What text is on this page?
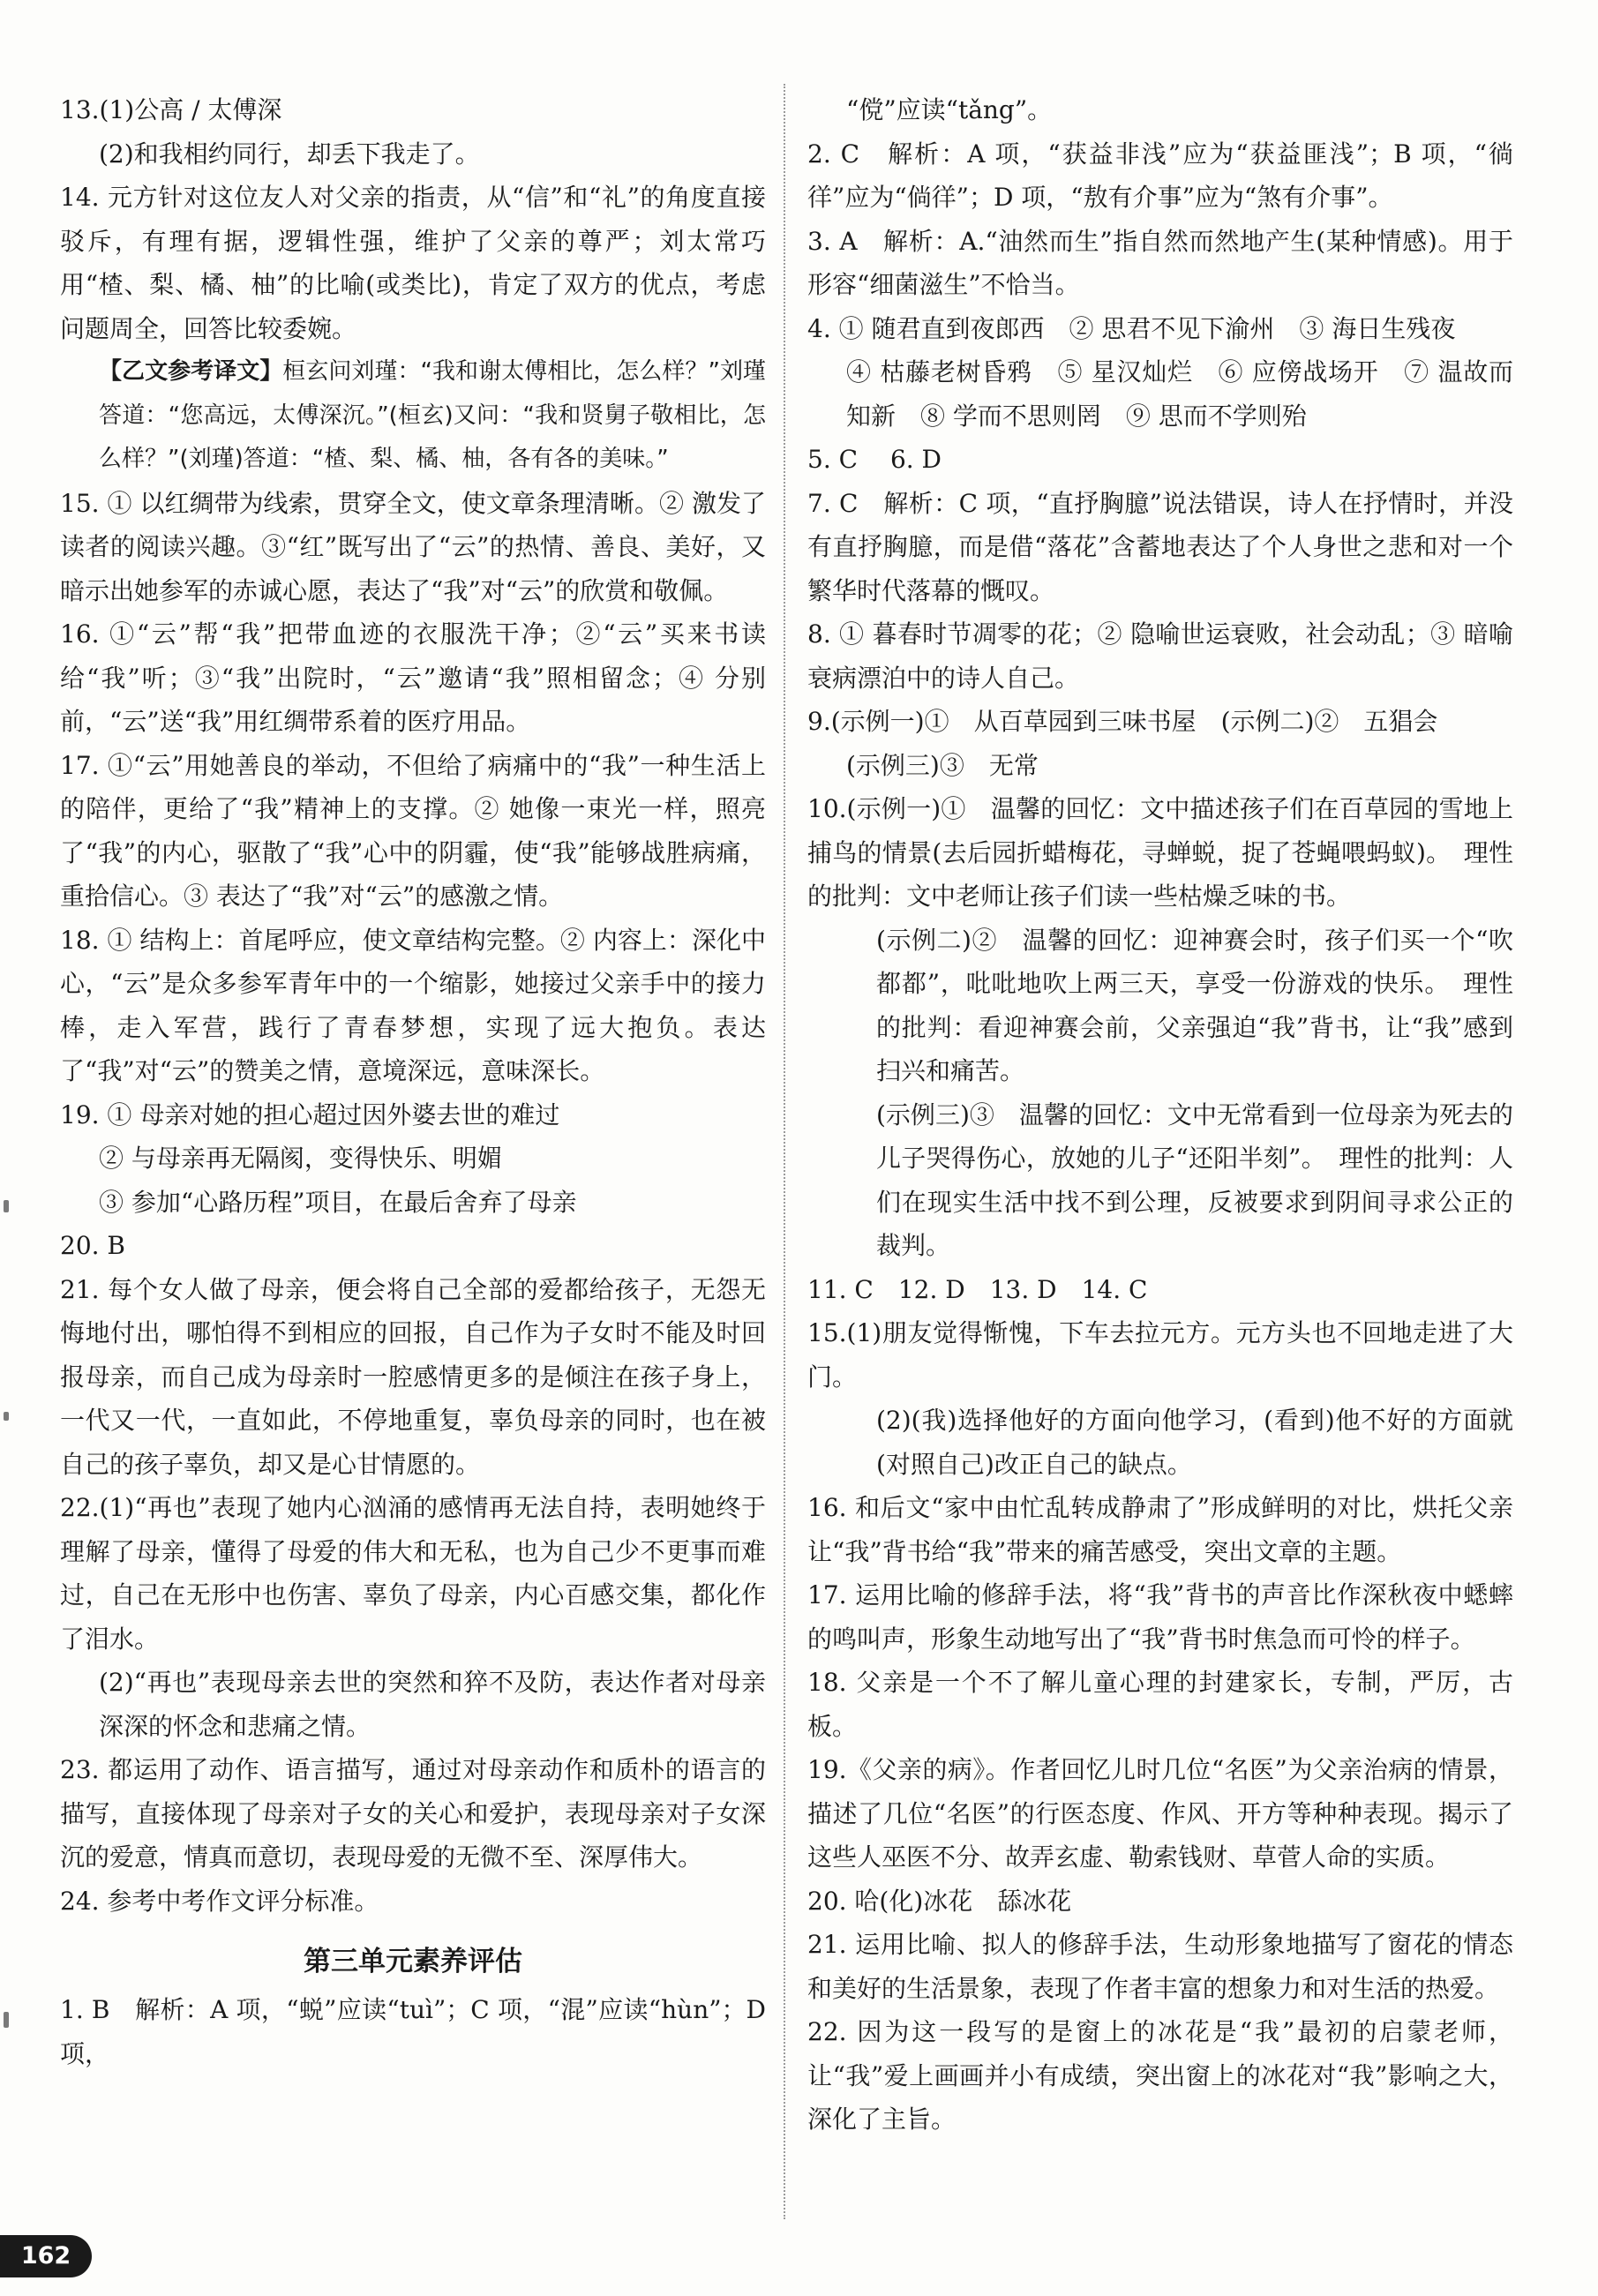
13.(1)公高 / 太傅深

(2)和我相约同行，却丢下我走了。

14. 元方针对这位友人对父亲的指责，从“信”和“礼”的角度直接驳斥，有理有据，逻辑性强，维护了父亲的尊严；刘太常巧用“楂、梨、橘、柚”的比喻(或类比)，肯定了双方的优点，考虑问题周全，回答比较委婉。

【乙文参考译文】桓玄问刘瑾：“我和谢太傅相比，怎么样？”刘瑾答道：“您高远，太傅深沉。”(桓玄)又问：“我和贤舅子敬相比，怎么样？”(刘瑾)答道：“楂、梨、橘、柚，各有各的美味。”

15. ① 以红绸带为线索，贯穿全文，使文章条理清晰。② 激发了读者的阅读兴趣。③“红”既写出了“云”的热情、善良、美好，又暗示出她参军的赤诚心愿，表达了“我”对“云”的欣赏和敬佩。

16. ①“云”帮“我”把带血迹的衣服洗干净；②“云”买来书读给“我”听；③“我”出院时，“云”邀请“我”照相留念；④ 分别前，“云”送“我”用红绸带系着的医疗用品。

17. ①“云”用她善良的举动，不但给了病痛中的“我”一种生活上的陪伴，更给了“我”精神上的支撑。② 她像一束光一样，照亮了“我”的内心，驱散了“我”心中的阴霾，使“我”能够战胜病痛，重拾信心。③ 表达了“我”对“云”的感激之情。

18. ① 结构上：首尾呼应，使文章结构完整。② 内容上：深化中心，“云”是众多参军青年中的一个缩影，她接过父亲手中的接力棒，走入军营，践行了青春梦想，实现了远大抱负。表达了“我”对“云”的赞美之情，意境深远，意味深长。

19. ① 母亲对她的担心超过因外婆去世的难过

② 与母亲再无隔阂，变得快乐、明媚

③ 参加“心路历程”项目，在最后舍弃了母亲

20. B

21. 每个女人做了母亲，便会将自己全部的爱都给孩子，无怨无悔地付出，哪怕得不到相应的回报，自己作为子女时不能及时回报母亲，而自己成为母亲时一腔感情更多的是倾注在孩子身上，一代又一代，一直如此，不停地重复，辜负母亲的同时，也在被自己的孩子辜负，却又是心甘情愿的。

22.(1)“再也”表现了她内心汹涌的感情再无法自持，表明她终于理解了母亲，懂得了母爱的伟大和无私，也为自己少不更事而难过，自己在无形中也伤害、辜负了母亲，内心百感交集，都化作了泪水。

(2)“再也”表现母亲去世的突然和猝不及防，表达作者对母亲深深的怀念和悲痛之情。

23. 都运用了动作、语言描写，通过对母亲动作和质朴的语言的描写，直接体现了母亲对子女的关心和爱护，表现母亲对子女深沉的爱意，情真而意切，表现母爱的无微不至、深厚伟大。

24. 参考中考作文评分标准。

第三单元素养评估

1. B　解析：A 项，“蜕”应读“tuì”；C 项，“混”应读“hùn”；D 项，

“傥”应读“tǎng”。

2. C　解析：A 项，“获益非浅”应为“获益匪浅”；B 项，“徜徉”应为“倘徉”；D 项，“敖有介事”应为“煞有介事”。

3. A　解析：A.“油然而生”指自然而然地产生(某种情感)。用于形容“细菌滋生”不恰当。

4. ① 随君直到夜郎西　② 思君不见下渝州　③ 海日生残夜

④ 枯藤老树昏鸦　⑤ 星汉灿烂　⑥ 应傍战场开　⑦ 温故而知新　⑧ 学而不思则罔　⑨ 思而不学则殆

5. C　 6. D

7. C　解析：C 项，“直抒胸臆”说法错误，诗人在抒情时，并没有直抒胸臆，而是借“落花”含蓄地表达了个人身世之悲和对一个繁华时代落幕的慨叹。

8. ① 暮春时节凋零的花；② 隐喻世运衰败，社会动乱；③ 暗喻衰病漂泊中的诗人自己。

9.(示例一)①　从百草园到三味书屋　(示例二)②　五猖会

(示例三)③　无常

10.(示例一)①　温馨的回忆：文中描述孩子们在百草园的雪地上捕鸟的情景(去后园折蜡梅花，寻蝉蜕，捉了苍蝇喂蚂蚁)。　理性的批判：文中老师让孩子们读一些枯燥乏味的书。

(示例二)②　温馨的回忆：迎神赛会时，孩子们买一个“吹都都”，吡吡地吹上两三天，享受一份游戏的快乐。　理性的批判：看迎神赛会前，父亲强迫“我”背书，让“我”感到扫兴和痛苦。

(示例三)③　温馨的回忆：文中无常看到一位母亲为死去的儿子哭得伤心，放她的儿子“还阳半刻”。　理性的批判：人们在现实生活中找不到公理，反被要求到阴间寻求公正的裁判。

11. C　12. D　13. D　14. C

15.(1)朋友觉得惭愧，下车去拉元方。元方头也不回地走进了大门。

(2)(我)选择他好的方面向他学习，(看到)他不好的方面就(对照自己)改正自己的缺点。

16. 和后文“家中由忙乱转成静肃了”形成鲜明的对比，烘托父亲让“我”背书给“我”带来的痛苦感受，突出文章的主题。

17. 运用比喻的修辞手法，将“我”背书的声音比作深秋夜中蟋蟀的鸣叫声，形象生动地写出了“我”背书时焦急而可怜的样子。

18. 父亲是一个不了解儿童心理的封建家长，专制，严厉，古板。

19.《父亲的病》。作者回忆儿时几位“名医”为父亲治病的情景，描述了几位“名医”的行医态度、作风、开方等种种表现。揭示了这些人巫医不分、故弄玄虚、勒索钱财、草菅人命的实质。

20. 哈(化)冰花　舔冰花

21. 运用比喻、拟人的修辞手法，生动形象地描写了窗花的情态和美好的生活景象，表现了作者丰富的想象力和对生活的热爱。

22. 因为这一段写的是窗上的冰花是“我”最初的启蒙老师，让“我”爱上画画并小有成绩，突出窗上的冰花对“我”影响之大，深化了主旨。

162
